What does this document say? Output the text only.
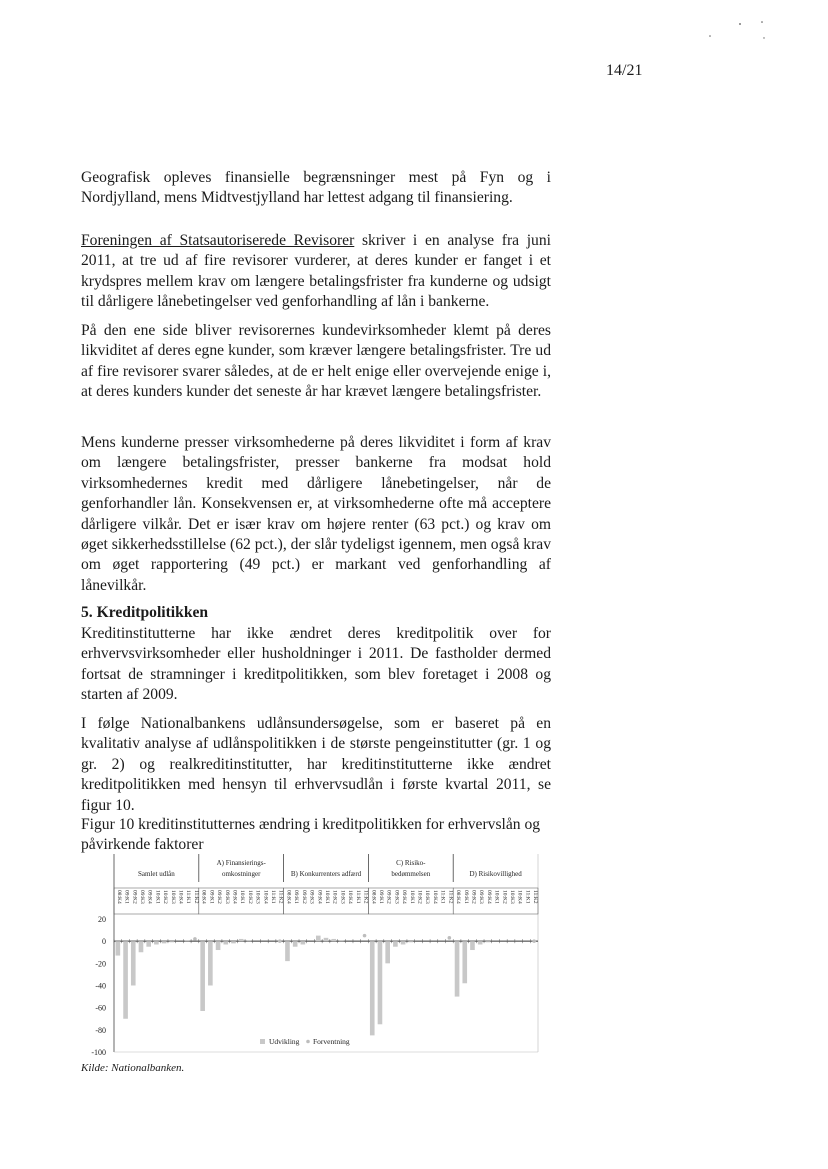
14/21

Geografisk opleves finansielle begrænsninger mest på Fyn og i Nordjylland, mens Midtvestjylland har lettest adgang til finansiering.

Foreningen af Statsautoriserede Revisorer skriver i en analyse fra juni 2011, at tre ud af fire revisorer vurderer, at deres kunder er fanget i et krydspres mellem krav om længere betalingsfrister fra kunderne og udsigt til dårligere lånebetingelser ved genforhandling af lån i bankerne.

På den ene side bliver revisorernes kundevirksomheder klemt på deres likviditet af deres egne kunder, som kræver længere betalingsfrister. Tre ud af fire revisorer svarer således, at de er helt enige eller overvejende enige i, at deres kunders kunder det seneste år har krævet længere betalingsfrister.

Mens kunderne presser virksomhederne på deres likviditet i form af krav om længere betalingsfrister, presser bankerne fra modsat hold virksomhedernes kredit med dårligere lånebetingelser, når de genforhandler lån. Konsekvensen er, at virksomhederne ofte må acceptere dårligere vilkår. Det er især krav om højere renter (63 pct.) og krav om øget sikkerhedsstillelse (62 pct.), der slår tydeligst igennem, men også krav om øget rapportering (49 pct.) er markant ved genforhandling af lånevilkår.

5. Kreditpolitikken

Kreditinstitutterne har ikke ændret deres kreditpolitik over for erhvervsvirksomheder eller husholdninger i 2011. De fastholder dermed fortsat de stramninger i kreditpolitikken, som blev foretaget i 2008 og starten af 2009.

I følge Nationalbankens udlånsundersøgelse, som er baseret på en kvalitativ analyse af udlånspolitikken i de største pengeinstitutter (gr. 1 og gr. 2) og realkreditinstitutter, har kreditinstitutterne ikke ændret kreditpolitikken med hensyn til erhvervsudlån i første kvartal 2011, se figur 10.

Figur 10 kreditinstitutternes ændring i kreditpolitikken for erhvervslån og påvirkende faktorer

20
0
-20
-40
-60
-80
-100
Samlet udlån
08:K4 09:K1 09:K2 09:K3 09:K4 10:K1 10:K2 10:K3 10:K4 11:K1 11:K2
A) Finansierings-
omkostninger
08:K4 09:K1 09:K2 09:K3 09:K4 10:K1 10:K2 10:K3 10:K4 11:K1 11:K2
B) Konkurrenters adfærd
08:K4 09:K1 09:K2 09:K3 09:K4 10:K1 10:K2 10:K3 10:K4 11:K1 11:K2
C) Risiko-
bedømmelsen
08:K4 09:K1 09:K2 09:K3 09:K4 10:K1 10:K2 10:K3 10:K4 11:K1 11:K2
D) Risikovillighed
08:K4 09:K1 09:K2 09:K3 09:K4 10:K1 10:K2 10:K3 10:K4 11:K1 11:K2
Udvikling Forventning
Kilde: Nationalbanken.
